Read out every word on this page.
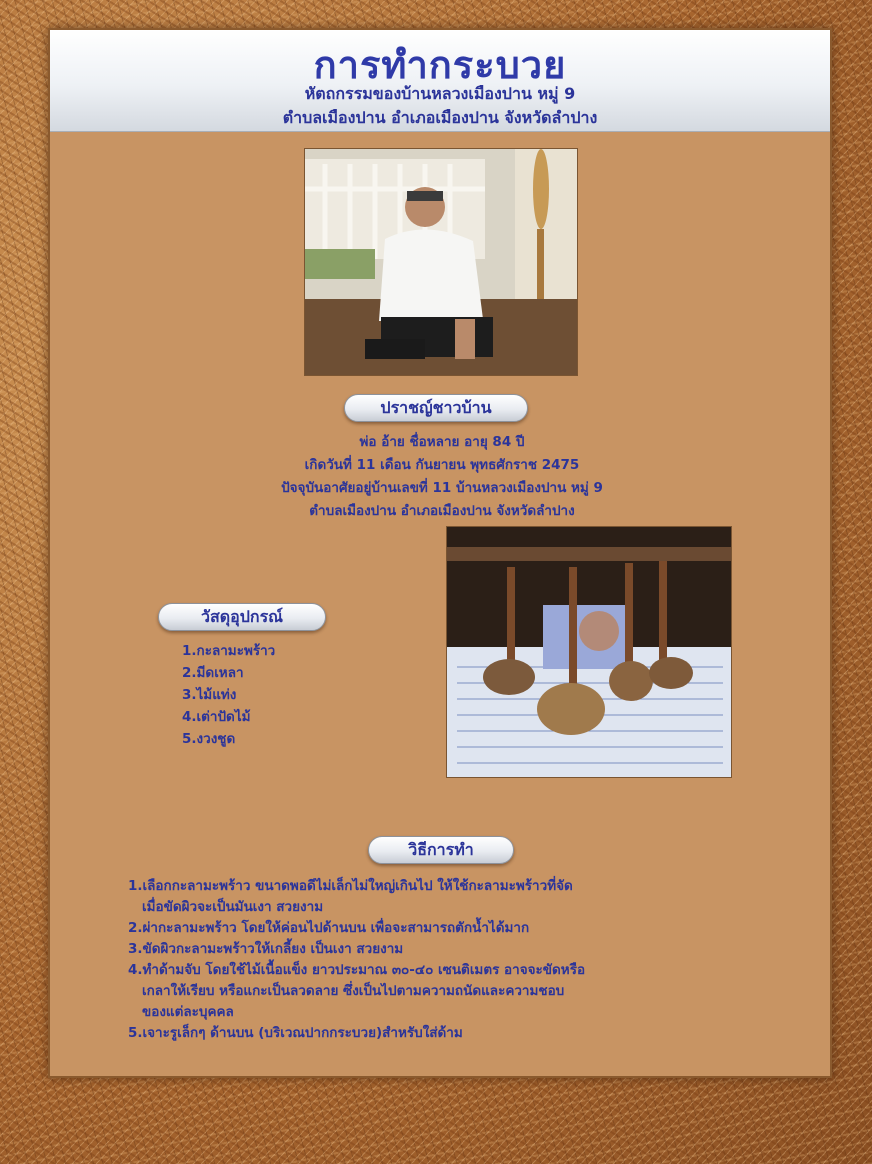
การทำกระบวย
หัตถกรรมของบ้านหลวงเมืองปาน หมู่ 9
ตำบลเมืองปาน อำเภอเมืองปาน จังหวัดลำปาง
ปราชญ์ชาวบ้าน
พ่อ อ้าย ชื่อหลาย อายุ 84 ปี
เกิดวันที่ 11 เดือน กันยายน พุทธศักราช 2475
ปัจจุบันอาศัยอยู่บ้านเลขที่ 11 บ้านหลวงเมืองปาน หมู่ 9
ตำบลเมืองปาน อำเภอเมืองปาน จังหวัดลำปาง
วัสดุอุปกรณ์
1.กะลามะพร้าว
2.มีดเหลา
3.ไม้แท่ง
4.เต่าปัดไม้
5.งวงชูด
วิธีการทำ
1.เลือกกะลามะพร้าว ขนาดพอดีไม่เล็กไม่ใหญ่เกินไป ให้ใช้กะลามะพร้าวที่จัด
เมื่อขัดผิวจะเป็นมันเงา สวยงาม
2.ผ่ากะลามะพร้าว โดยให้ค่อนไปด้านบน เพื่อจะสามารถตักน้ำได้มาก
3.ขัดผิวกะลามะพร้าวให้เกลี้ยง เป็นเงา สวยงาม
4.ทำด้ามจับ โดยใช้ไม้เนื้อแข็ง ยาวประมาณ ๓๐-๔๐ เซนติเมตร อาจจะขัดหรือ
เกลาให้เรียบ หรือแกะเป็นลวดลาย ซึ่งเป็นไปตามความถนัดและความชอบ
ของแต่ละบุคคล
5.เจาะรูเล็กๆ ด้านบน (บริเวณปากกระบวย)สำหรับใส่ด้าม
